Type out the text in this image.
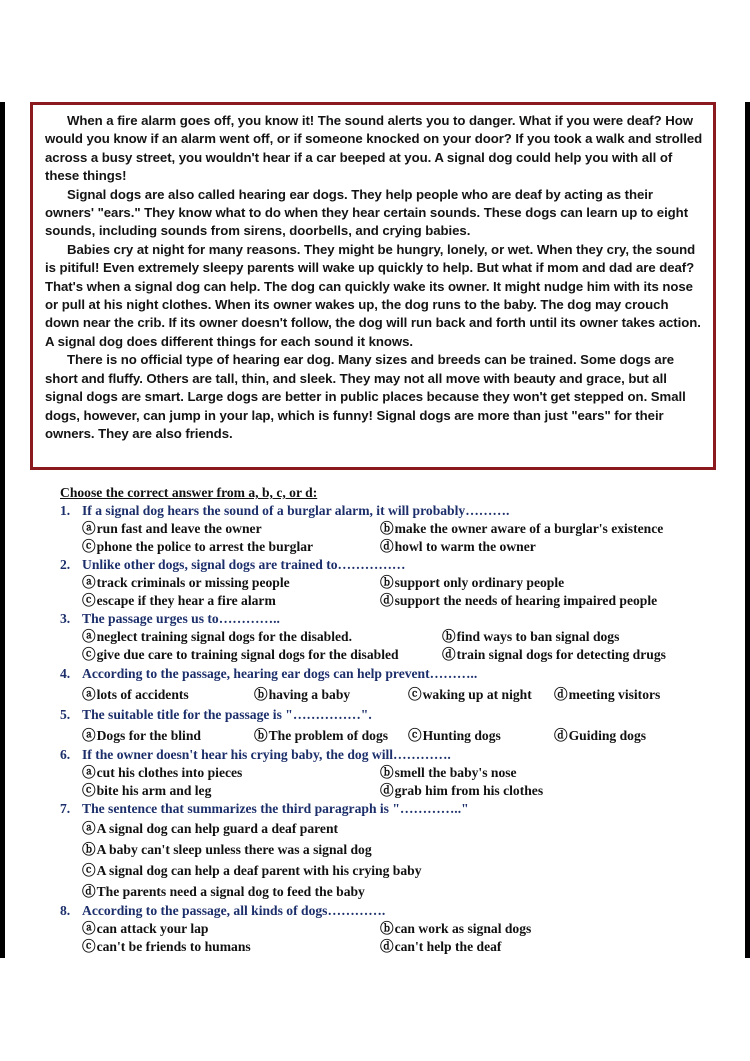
When a fire alarm goes off, you know it! The sound alerts you to danger. What if you were deaf? How would you know if an alarm went off, or if someone knocked on your door? If you took a walk and strolled across a busy street, you wouldn't hear if a car beeped at you. A signal dog could help you with all of these things!

Signal dogs are also called hearing ear dogs. They help people who are deaf by acting as their owners' "ears." They know what to do when they hear certain sounds. These dogs can learn up to eight sounds, including sounds from sirens, doorbells, and crying babies.

Babies cry at night for many reasons. They might be hungry, lonely, or wet. When they cry, the sound is pitiful! Even extremely sleepy parents will wake up quickly to help. But what if mom and dad are deaf? That's when a signal dog can help. The dog can quickly wake its owner. It might nudge him with its nose or pull at his night clothes. When its owner wakes up, the dog runs to the baby. The dog may crouch down near the crib. If its owner doesn't follow, the dog will run back and forth until its owner takes action. A signal dog does different things for each sound it knows.

There is no official type of hearing ear dog. Many sizes and breeds can be trained. Some dogs are short and fluffy. Others are tall, thin, and sleek. They may not all move with beauty and grace, but all signal dogs are smart. Large dogs are better in public places because they won't get stepped on. Small dogs, however, can jump in your lap, which is funny! Signal dogs are more than just "ears" for their owners. They are also friends.

Choose the correct answer from a, b, c, or d:
1. If a signal dog hears the sound of a burglar alarm, it will probably……….
ⓐrun fast and leave the owner	ⓑmake the owner aware of a burglar's existence
ⓒphone the police to arrest the burglar	ⓓhowl to warm the owner
2. Unlike other dogs, signal dogs are trained to……………
ⓐtrack criminals or missing people	ⓑsupport only ordinary people
ⓒescape if they hear a fire alarm	ⓓsupport the needs of hearing impaired people
3. The passage urges us to…………..
ⓐneglect training signal dogs for the disabled.	ⓑfind ways to ban signal dogs
ⓒgive due care to training signal dogs for the disabled	ⓓtrain signal dogs for detecting drugs
4. According to the passage, hearing ear dogs can help prevent………..
ⓐlots of accidents	ⓑhaving a baby	ⓒwaking up at night ⓓmeeting visitors
5. The suitable title for the passage is "……………".
ⓐDogs for the blind	ⓑThe problem of dogs ⓒHunting dogs	ⓓGuiding dogs
6. If the owner doesn't hear his crying baby, the dog will………….
ⓐcut his clothes into pieces	ⓑsmell the baby's nose
ⓒbite his arm and leg	ⓓgrab him from his clothes
7. The sentence that summarizes the third paragraph is "………….."
ⓐA signal dog can help guard a deaf parent
ⓑA baby can't sleep unless there was a signal dog
ⓒA signal dog can help a deaf parent with his crying baby
ⓓThe parents need a signal dog to feed the baby
8. According to the passage, all kinds of dogs………….
ⓐcan attack your lap	ⓑcan work as signal dogs
ⓒcan't be friends to humans	ⓓcan't help the deaf
